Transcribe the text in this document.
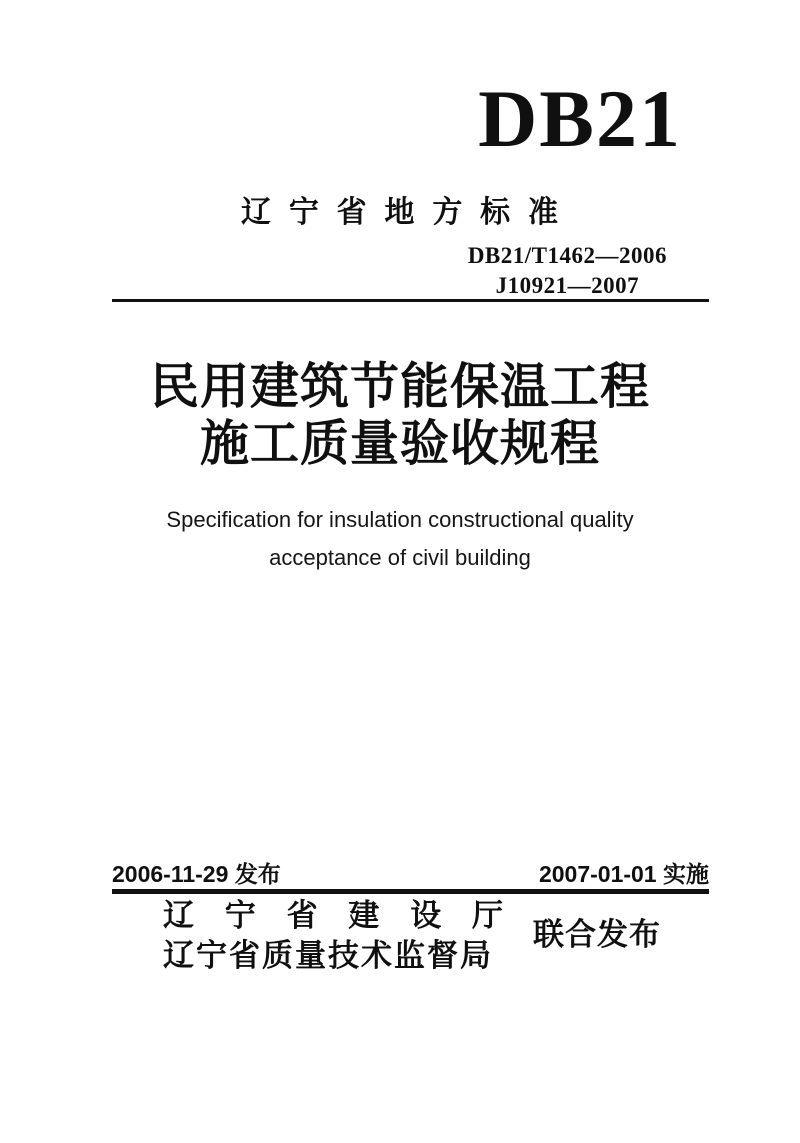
DB21
辽 宁 省 地 方 标 准
DB21/T1462—2006
J10921—2007
民用建筑节能保温工程
施工质量验收规程
Specification for insulation constructional quality
acceptance of civil building
2006-11-29 发布	2007-01-01 实施
辽 宁 省 建 设 厅
辽宁省质量技术监督局
联合发布
